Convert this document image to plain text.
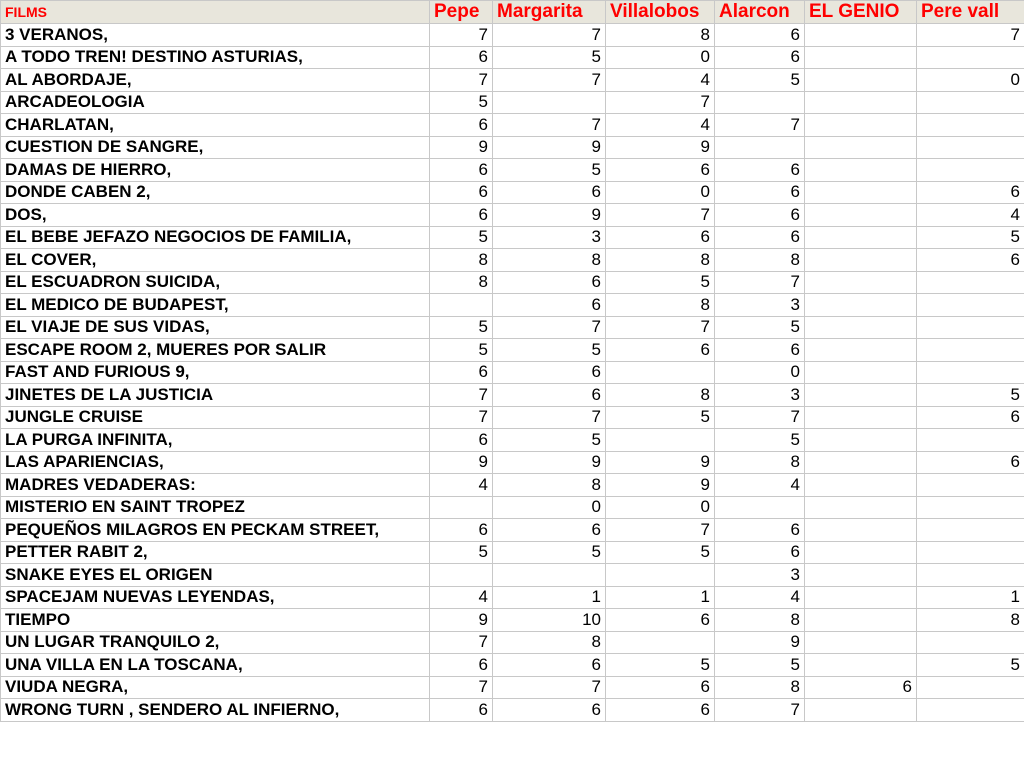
FILMS	Pepe	Margarita	Villalobos	Alarcon	EL GENIO	Pere vall
3 VERANOS,	7	7	8	6		7
A TODO TREN! DESTINO ASTURIAS,	6	5	0	6		
AL ABORDAJE,	7	7	4	5		0
ARCADEOLOGIA	5		7			
CHARLATAN,	6	7	4	7		
CUESTION DE SANGRE,	9	9	9			
DAMAS DE HIERRO,	6	5	6	6		
DONDE CABEN 2,	6	6	0	6		6
DOS,	6	9	7	6		4
EL BEBE JEFAZO NEGOCIOS DE FAMILIA,	5	3	6	6		5
EL COVER,	8	8	8	8		6
EL ESCUADRON SUICIDA,	8	6	5	7		
EL MEDICO DE BUDAPEST,		6	8	3		
EL VIAJE DE SUS VIDAS,	5	7	7	5		
ESCAPE ROOM 2, MUERES POR SALIR	5	5	6	6		
FAST AND FURIOUS 9,	6	6		0		
JINETES DE LA JUSTICIA	7	6	8	3		5
JUNGLE CRUISE	7	7	5	7		6
LA PURGA INFINITA,	6	5		5		
LAS APARIENCIAS,	9	9	9	8		6
MADRES VEDADERAS:	4	8	9	4		
MISTERIO EN SAINT TROPEZ		0	0			
PEQUEÑOS MILAGROS EN PECKAM STREET,	6	6	7	6		
PETTER RABIT 2,	5	5	5	6		
SNAKE EYES EL ORIGEN				3		
SPACEJAM NUEVAS LEYENDAS,	4	1	1	4		1
TIEMPO	9	10	6	8		8
UN LUGAR TRANQUILO 2,	7	8		9		
UNA VILLA EN LA TOSCANA,	6	6	5	5		5
VIUDA NEGRA,	7	7	6	8	6	
WRONG TURN , SENDERO AL INFIERNO,	6	6	6	7		
